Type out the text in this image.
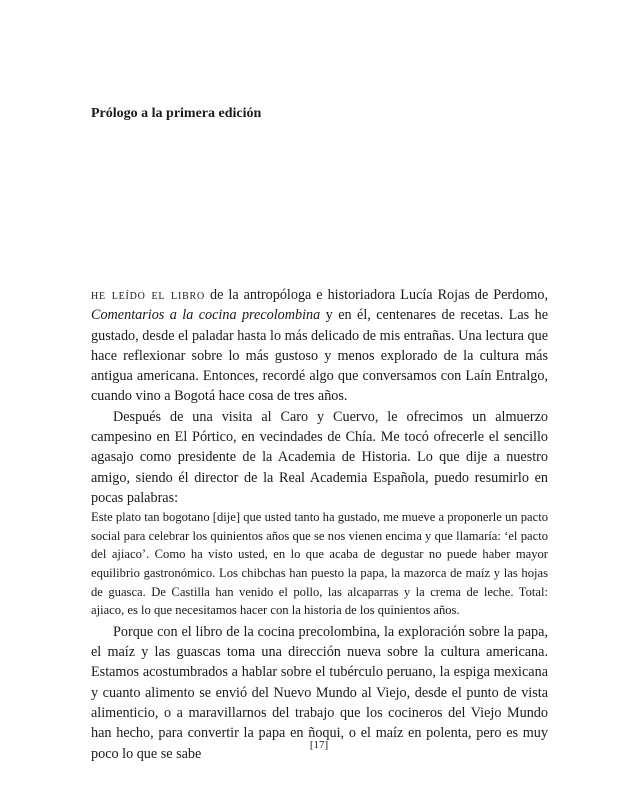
Prólogo a la primera edición

he leído el libro de la antropóloga e historiadora Lucía Rojas de Perdomo, Comentarios a la cocina precolombina y en él, centenares de recetas. Las he gustado, desde el paladar hasta lo más delicado de mis entrañas. Una lectura que hace reflexionar sobre lo más gustoso y menos explorado de la cultura más antigua americana. Entonces, recordé algo que conversamos con Laín Entralgo, cuando vino a Bogotá hace cosa de tres años.

Después de una visita al Caro y Cuervo, le ofrecimos un almuerzo campesino en El Pórtico, en vecindades de Chía. Me tocó ofrecerle el sencillo agasajo como presidente de la Academia de Historia. Lo que dije a nuestro amigo, siendo él director de la Real Academia Española, puedo resumirlo en pocas palabras:

Este plato tan bogotano [dije] que usted tanto ha gustado, me mueve a proponerle un pacto social para celebrar los quinientos años que se nos vienen encima y que llamaría: ‘el pacto del ajiaco’. Como ha visto usted, en lo que acaba de degustar no puede haber mayor equilibrio gastronómico. Los chibchas han puesto la papa, la mazorca de maíz y las hojas de guasca. De Castilla han venido el pollo, las alcaparras y la crema de leche. Total: ajiaco, es lo que necesitamos hacer con la historia de los quinientos años.

Porque con el libro de la cocina precolombina, la exploración sobre la papa, el maíz y las guascas toma una dirección nueva sobre la cultura americana. Estamos acostumbrados a hablar sobre el tubérculo peruano, la espiga mexicana y cuanto alimento se envió del Nuevo Mundo al Viejo, desde el punto de vista alimenticio, o a maravillarnos del trabajo que los cocineros del Viejo Mundo han hecho, para convertir la papa en ñoqui, o el maíz en polenta, pero es muy poco lo que se sabe

[17]
